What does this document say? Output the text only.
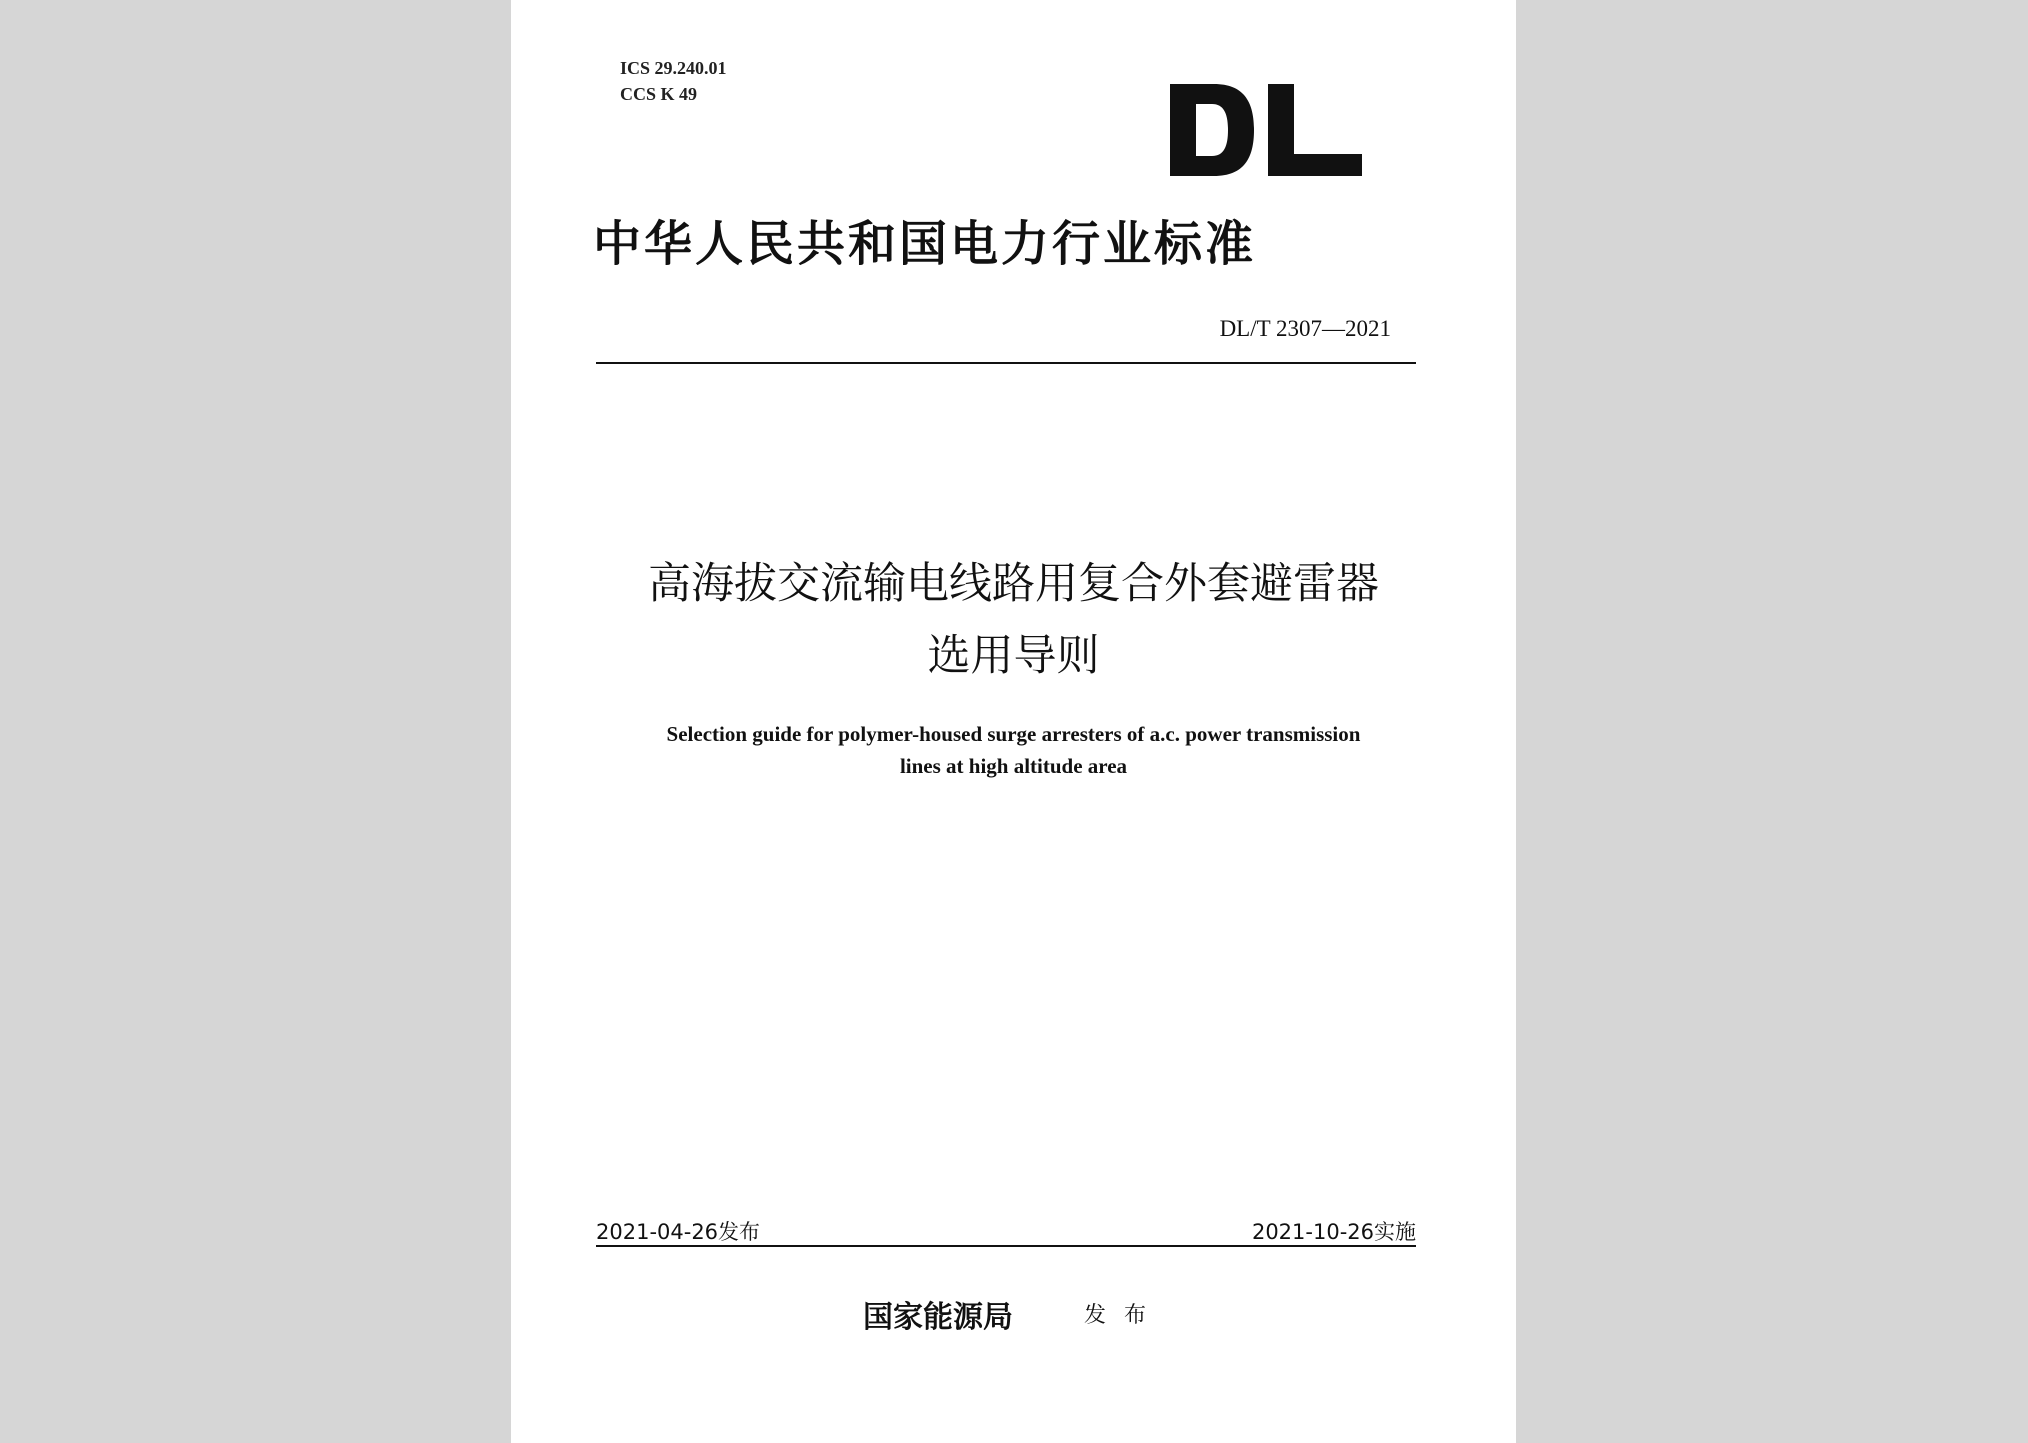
ICS 29.240.01
CCS K 49
中华人民共和国电力行业标准
DL/T 2307—2021
高海拔交流输电线路用复合外套避雷器
选用导则
Selection guide for polymer-housed surge arresters of a.c. power transmission
lines at high altitude area
2021-04-26发布	2021-10-26实施
国家能源局	发布
